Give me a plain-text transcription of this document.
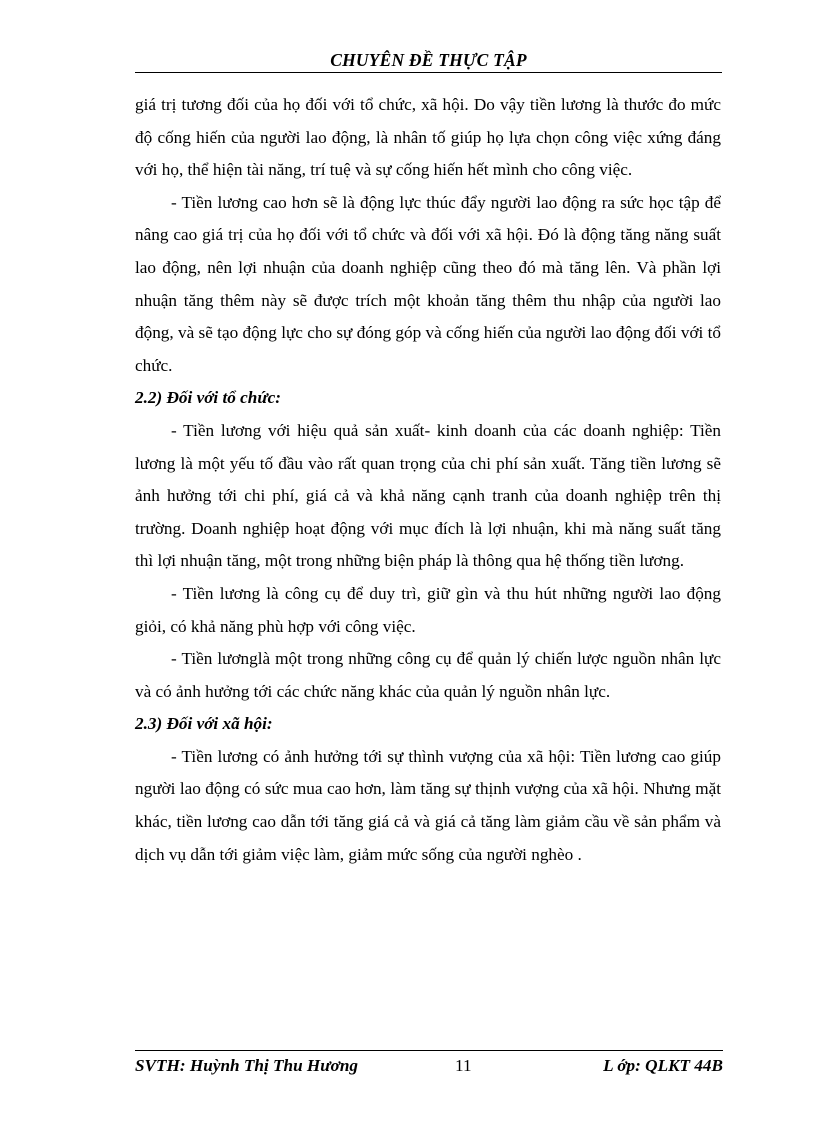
CHUYÊN ĐỀ THỰC TẬP

giá trị tương đối của họ đối với tổ chức, xã hội. Do vậy tiền lương là thước đo mức độ cống hiến của người lao động, là nhân tố giúp họ lựa chọn công việc xứng đáng với họ, thể hiện tài năng, trí tuệ và sự cống hiến hết mình cho công việc.

- Tiền lương cao hơn sẽ là động lực thúc đẩy người lao động ra sức học tập để nâng cao giá trị của họ đối với tổ chức và đối với xã hội. Đó là động tăng năng suất lao động, nên lợi nhuận của doanh nghiệp cũng theo đó mà tăng lên. Và phần lợi nhuận tăng thêm này sẽ được trích một khoản tăng thêm thu nhập của người lao động, và sẽ tạo động lực cho sự đóng góp và cống hiến của người lao động đối với tổ chức.

2.2) Đối với tổ chức:

- Tiền lương với hiệu quả sản xuất- kinh doanh của các doanh nghiệp: Tiền lương là một yếu tố đầu vào rất quan trọng của chi phí sản xuất. Tăng tiền lương sẽ ảnh hưởng tới chi phí, giá cả và khả năng cạnh tranh của doanh nghiệp trên thị trường. Doanh nghiệp hoạt động với mục đích là lợi nhuận, khi mà năng suất tăng thì lợi nhuận tăng, một trong những biện pháp là thông qua hệ thống tiền lương.

- Tiền lương là công cụ để duy trì, giữ gìn và thu hút những người lao động giỏi, có khả năng phù hợp với công việc.

- Tiền lươnglà một trong những công cụ để quản lý chiến lược nguồn nhân lực và có ảnh hưởng tới các chức năng khác của quản lý nguồn nhân lực.

2.3) Đối với xã hội:

- Tiền lương có ảnh hưởng tới sự thình vượng của xã hội: Tiền lương cao giúp người lao động có sức mua cao hơn, làm tăng sự thịnh vượng của xã hội. Nhưng mặt khác, tiền lương cao dẫn tới tăng giá cả và giá cả tăng làm giảm cầu về sản phẩm và dịch vụ dẫn tới giảm việc làm, giảm mức sống của người nghèo .

SVTH: Huỳnh Thị Thu Hương	11	L ớp: QLKT 44B
